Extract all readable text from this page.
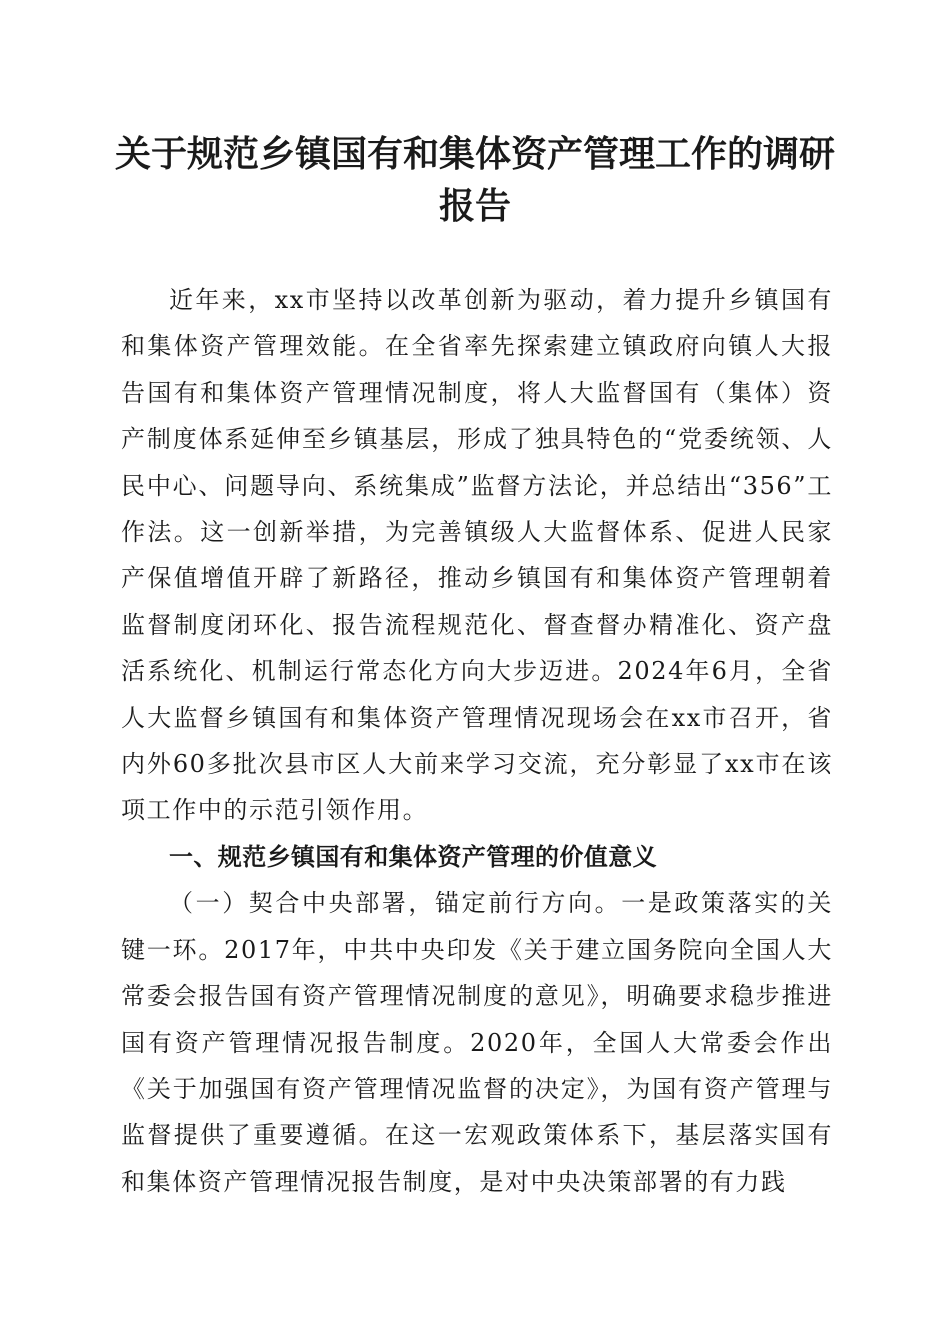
关于规范乡镇国有和集体资产管理工作的调研
报告

近年来，xx市坚持以改革创新为驱动，着力提升乡镇国有和集体资产管理效能。在全省率先探索建立镇政府向镇人大报告国有和集体资产管理情况制度，将人大监督国有（集体）资产制度体系延伸至乡镇基层，形成了独具特色的“党委统领、人民中心、问题导向、系统集成”监督方法论，并总结出“356”工作法。这一创新举措，为完善镇级人大监督体系、促进人民家产保值增值开辟了新路径，推动乡镇国有和集体资产管理朝着监督制度闭环化、报告流程规范化、督查督办精准化、资产盘活系统化、机制运行常态化方向大步迈进。2024年6月，全省人大监督乡镇国有和集体资产管理情况现场会在xx市召开，省内外60多批次县市区人大前来学习交流，充分彰显了xx市在该项工作中的示范引领作用。

一、规范乡镇国有和集体资产管理的价值意义

（一）契合中央部署，锚定前行方向。一是政策落实的关键一环。2017年，中共中央印发《关于建立国务院向全国人大常委会报告国有资产管理情况制度的意见》，明确要求稳步推进国有资产管理情况报告制度。2020年，全国人大常委会作出《关于加强国有资产管理情况监督的决定》，为国有资产管理与监督提供了重要遵循。在这一宏观政策体系下，基层落实国有和集体资产管理情况报告制度，是对中央决策部署的有力践
